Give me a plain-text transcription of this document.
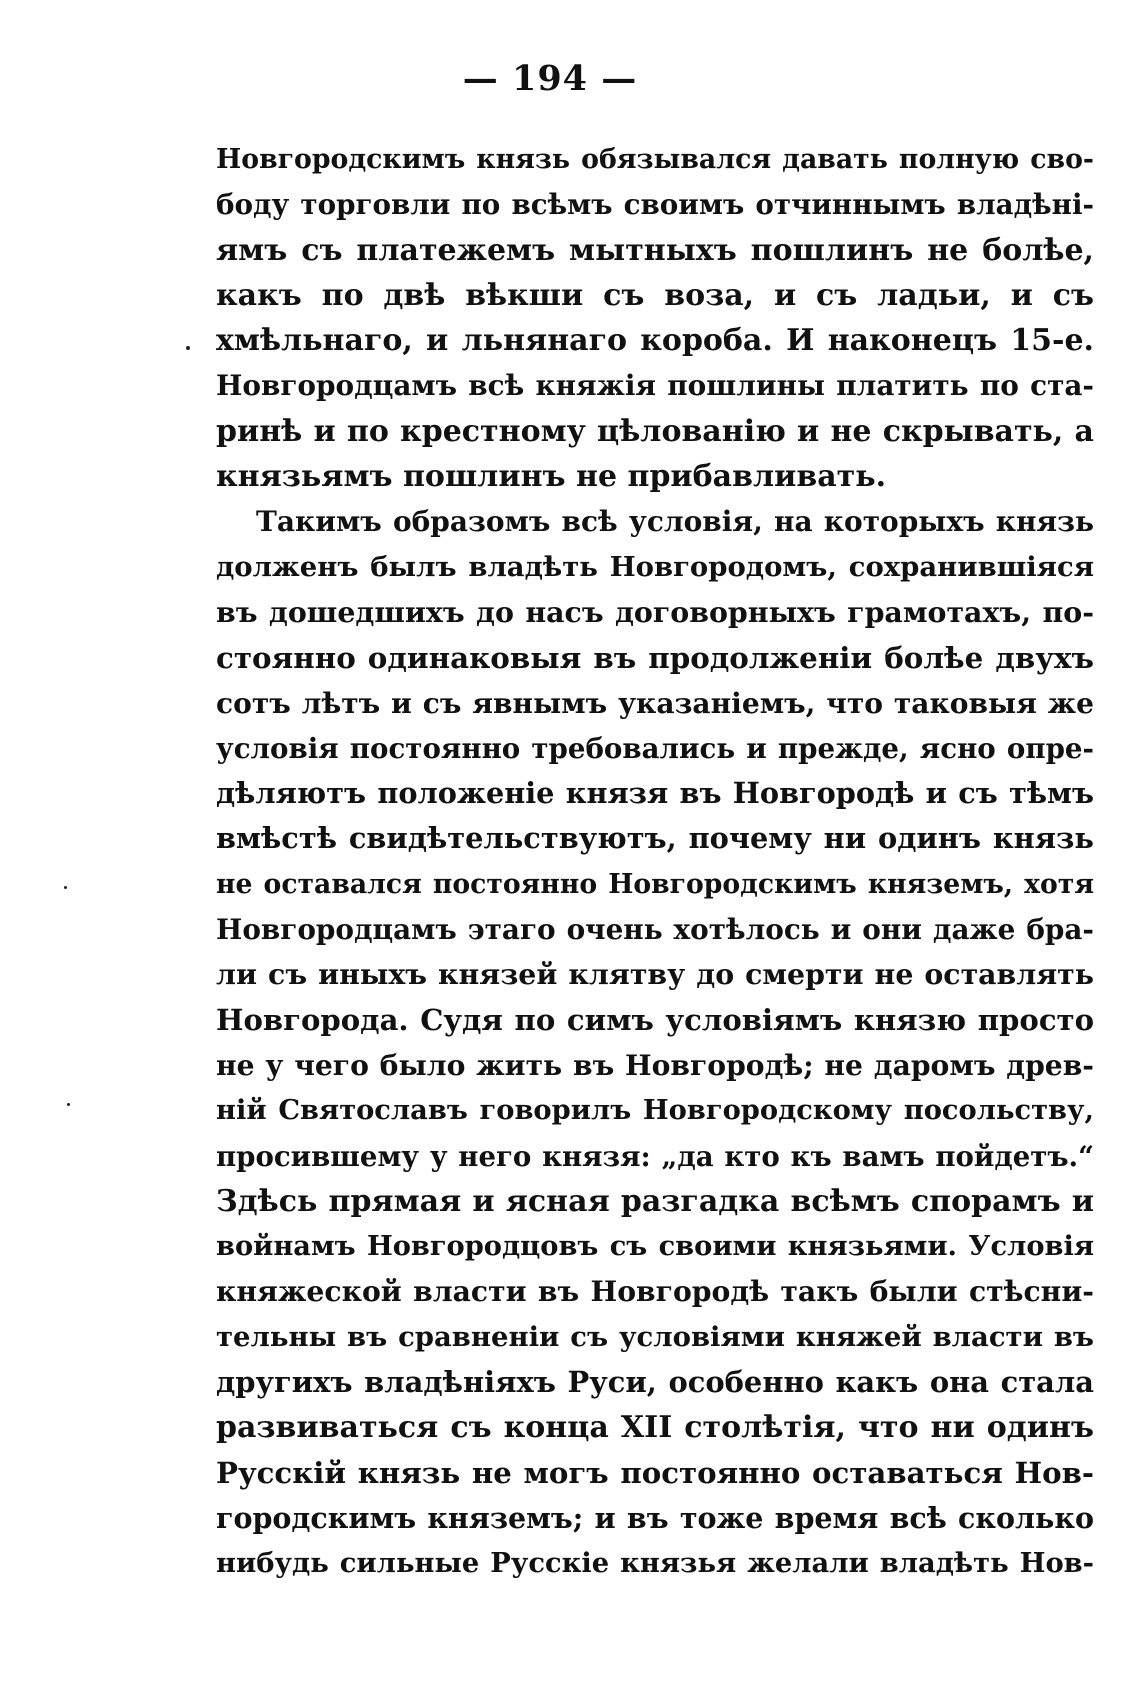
— 194 —
Новгородскимъ князь обязывался давать полную сво-
боду торговли по всѣмъ своимъ отчиннымъ владѣні-
ямъ съ платежемъ мытныхъ пошлинъ не болѣе,
какъ по двѣ вѣкши съ воза, и съ ладьи, и съ
хмѣльнаго, и льнянаго короба. И наконецъ 15-е.
Новгородцамъ всѣ княжія пошлины платить по ста-
ринѣ и по крестному цѣлованію и не скрывать, а
князьямъ пошлинъ не прибавливать.
Такимъ образомъ всѣ условія, на которыхъ князь
долженъ былъ владѣть Новгородомъ, сохранившіяся
въ дошедшихъ до насъ договорныхъ грамотахъ, по-
стоянно одинаковыя въ продолженіи болѣе двухъ
сотъ лѣтъ и съ явнымъ указаніемъ, что таковыя же
условія постоянно требовались и прежде, ясно опре-
дѣляютъ положеніе князя въ Новгородѣ и съ тѣмъ
вмѣстѣ свидѣтельствуютъ, почему ни одинъ князь
не оставался постоянно Новгородскимъ княземъ, хотя
Новгородцамъ этаго очень хотѣлось и они даже бра-
ли съ иныхъ князей клятву до смерти не оставлять
Новгорода. Судя по симъ условіямъ князю просто
не у чего было жить въ Новгородѣ; не даромъ древ-
ній Святославъ говорилъ Новгородскому посольству,
просившему у него князя: „да кто къ вамъ пойдетъ.“
Здѣсь прямая и ясная разгадка всѣмъ спорамъ и
войнамъ Новгородцовъ съ своими князьями. Условія
княжеской власти въ Новгородѣ такъ были стѣсни-
тельны въ сравненіи съ условіями княжей власти въ
другихъ владѣніяхъ Руси, особенно какъ она стала
развиваться съ конца XII столѣтія, что ни одинъ
Русскій князь не могъ постоянно оставаться Нов-
городскимъ княземъ; и въ тоже время всѣ сколько
нибудь сильные Русскіе князья желали владѣть Нов-
